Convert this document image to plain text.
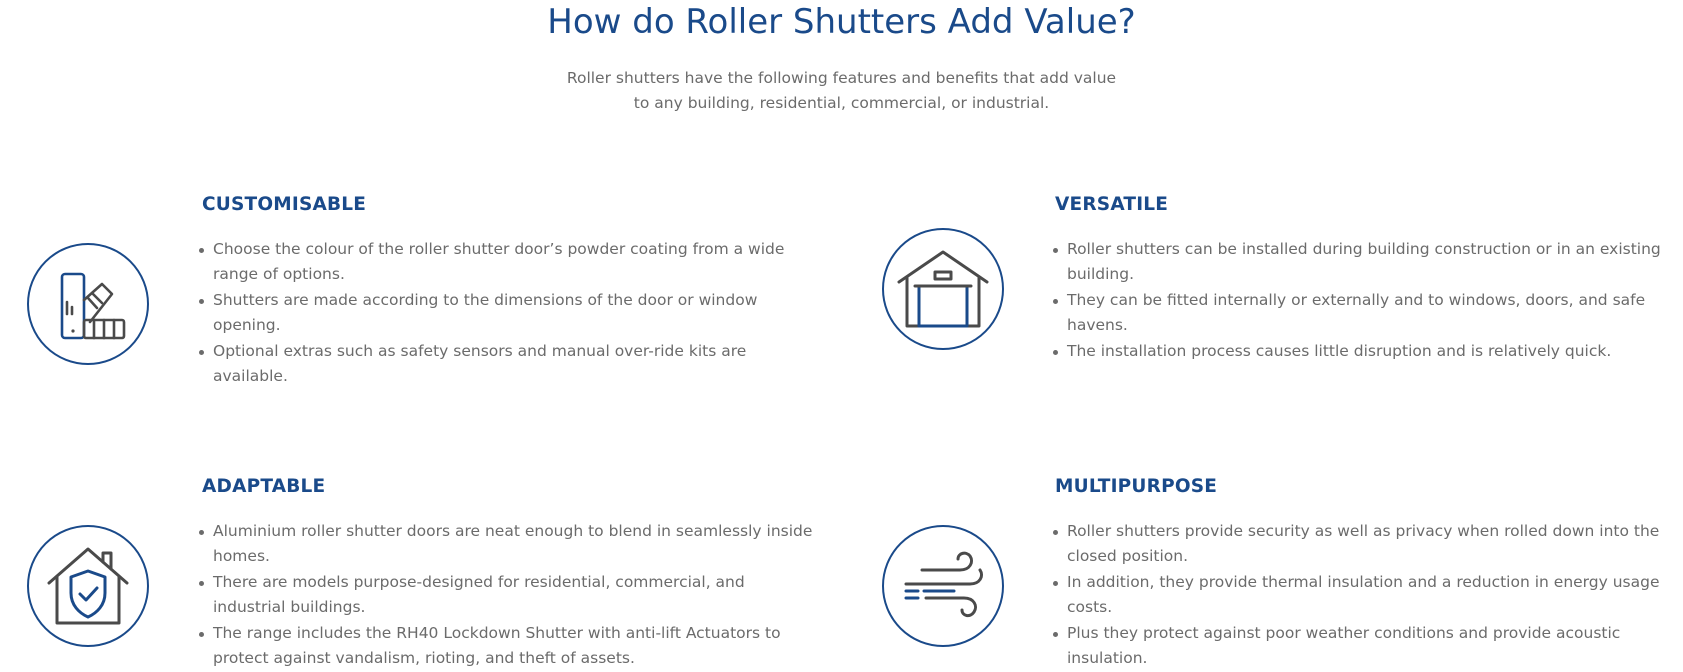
How do Roller Shutters Add Value?

Roller shutters have the following features and benefits that add value
to any building, residential, commercial, or industrial.

CUSTOMISABLE
Choose the colour of the roller shutter door’s powder coating from a wide range of options.
Shutters are made according to the dimensions of the door or window opening.
Optional extras such as safety sensors and manual over-ride kits are available.
VERSATILE
Roller shutters can be installed during building construction or in an existing building.
They can be fitted internally or externally and to windows, doors, and safe havens.
The installation process causes little disruption and is relatively quick.
ADAPTABLE
Aluminium roller shutter doors are neat enough to blend in seamlessly inside homes.
There are models purpose-designed for residential, commercial, and industrial buildings.
The range includes the RH40 Lockdown Shutter with anti-lift Actuators to protect against vandalism, rioting, and theft of assets.
MULTIPURPOSE
Roller shutters provide security as well as privacy when rolled down into the closed position.
In addition, they provide thermal insulation and a reduction in energy usage costs.
Plus they protect against poor weather conditions and provide acoustic insulation.
